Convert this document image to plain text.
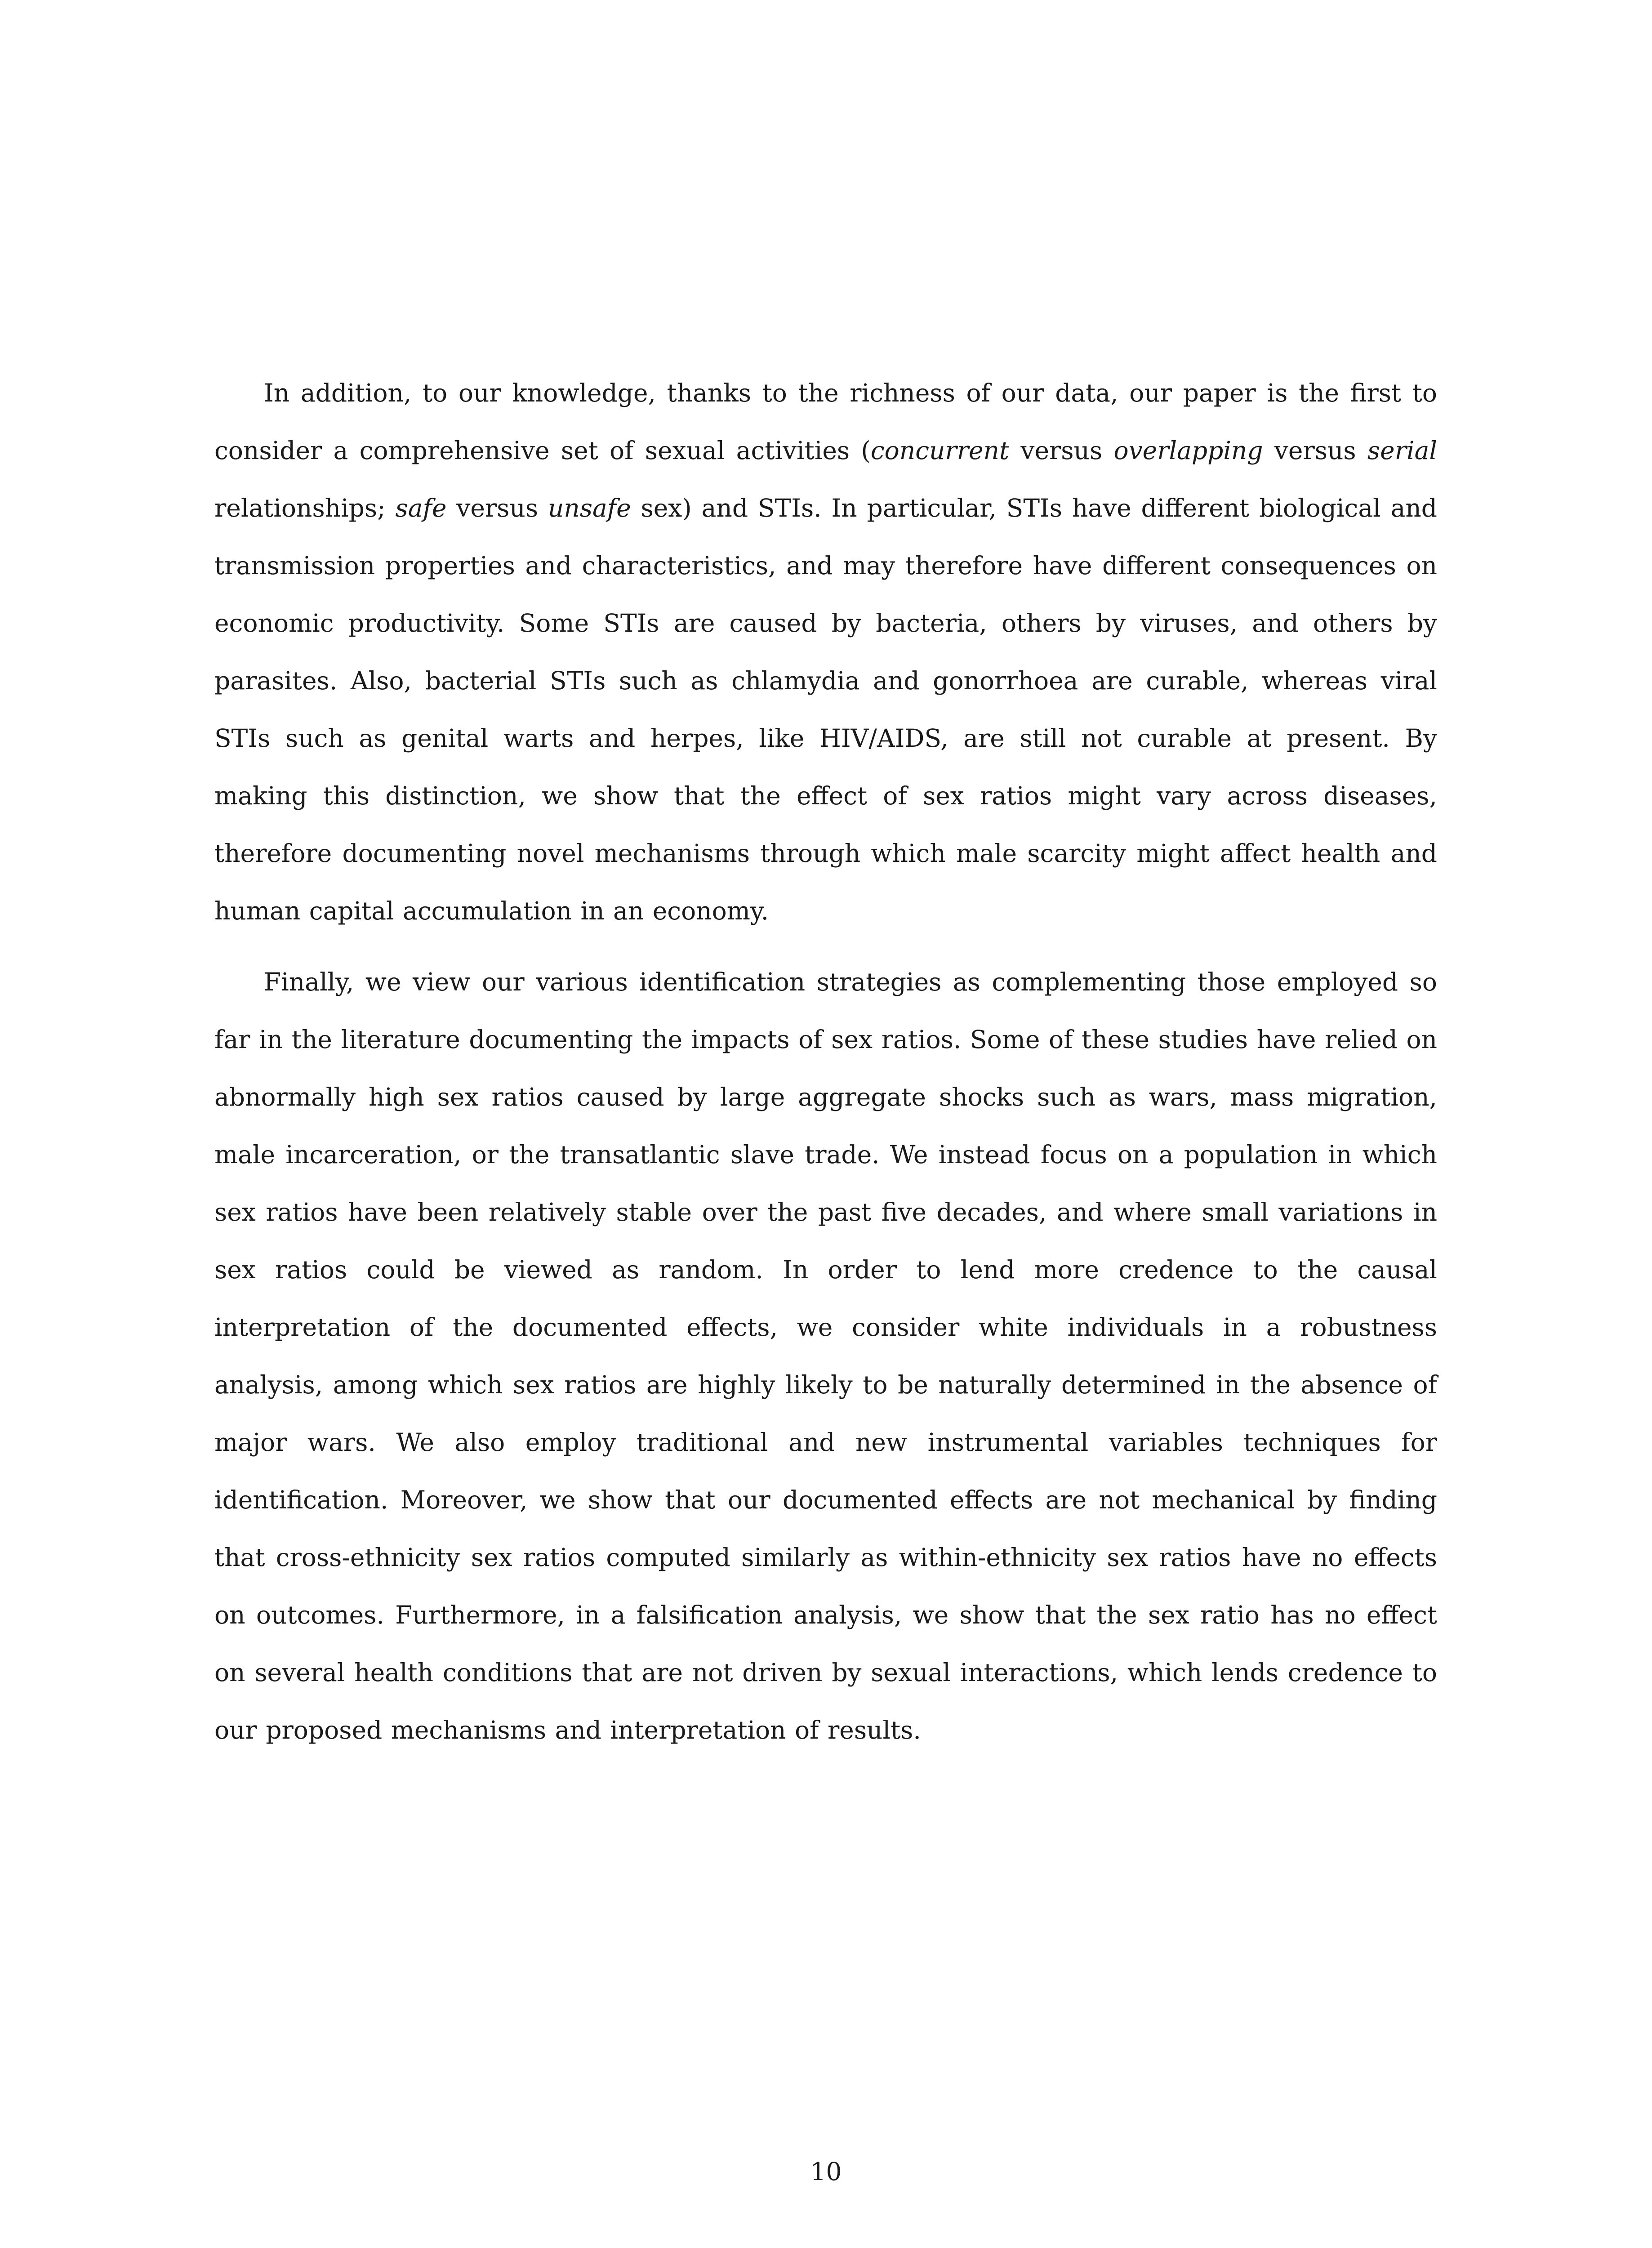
In addition, to our knowledge, thanks to the richness of our data, our paper is the first to consider a comprehensive set of sexual activities (concurrent versus overlapping versus serial relationships; safe versus unsafe sex) and STIs. In particular, STIs have different biological and transmission properties and characteristics, and may therefore have different consequences on economic productivity. Some STIs are caused by bacteria, others by viruses, and others by parasites. Also, bacterial STIs such as chlamydia and gonorrhoea are curable, whereas viral STIs such as genital warts and herpes, like HIV/AIDS, are still not curable at present. By making this distinction, we show that the effect of sex ratios might vary across diseases, therefore documenting novel mechanisms through which male scarcity might affect health and human capital accumulation in an economy.

Finally, we view our various identification strategies as complementing those employed so far in the literature documenting the impacts of sex ratios. Some of these studies have relied on abnormally high sex ratios caused by large aggregate shocks such as wars, mass migration, male incarceration, or the transatlantic slave trade. We instead focus on a population in which sex ratios have been relatively stable over the past five decades, and where small variations in sex ratios could be viewed as random. In order to lend more credence to the causal interpretation of the documented effects, we consider white individuals in a robustness analysis, among which sex ratios are highly likely to be naturally determined in the absence of major wars. We also employ traditional and new instrumental variables techniques for identification. Moreover, we show that our documented effects are not mechanical by finding that cross-ethnicity sex ratios computed similarly as within-ethnicity sex ratios have no effects on outcomes. Furthermore, in a falsification analysis, we show that the sex ratio has no effect on several health conditions that are not driven by sexual interactions, which lends credence to our proposed mechanisms and interpretation of results.

10
